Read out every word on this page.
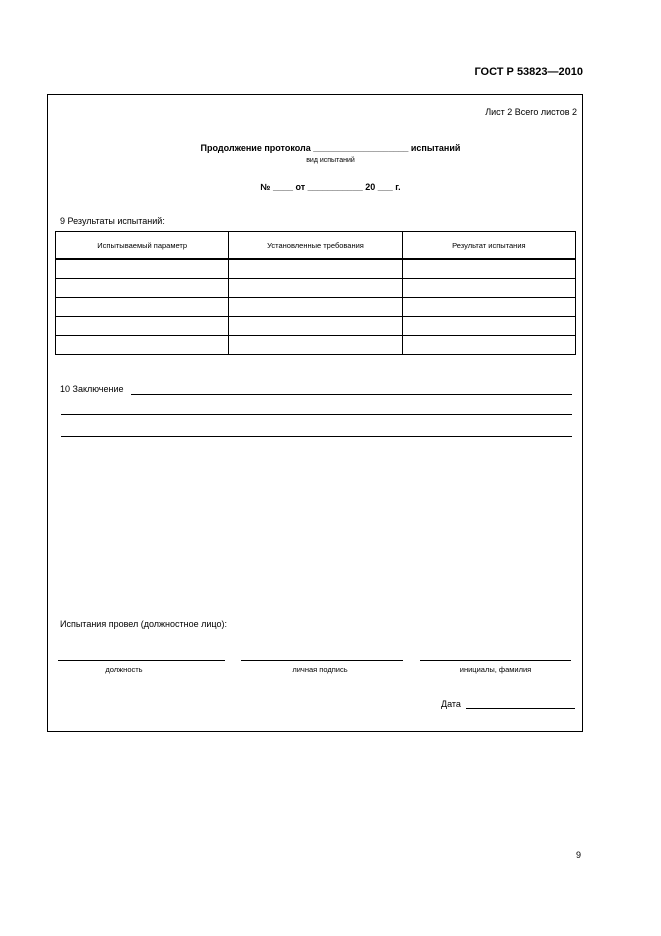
ГОСТ Р 53823—2010
Лист 2 Всего листов 2
Продолжение протокола ___________________ испытаний
вид испытаний
№ ____ от ___________ 20 ___ г.
9 Результаты испытаний:
Испытываемый параметр	Установленные требования	Результат испытания

10 Заключение
Испытания провел (должностное лицо):
должность	личная подпись	инициалы, фамилия
Дата
9
